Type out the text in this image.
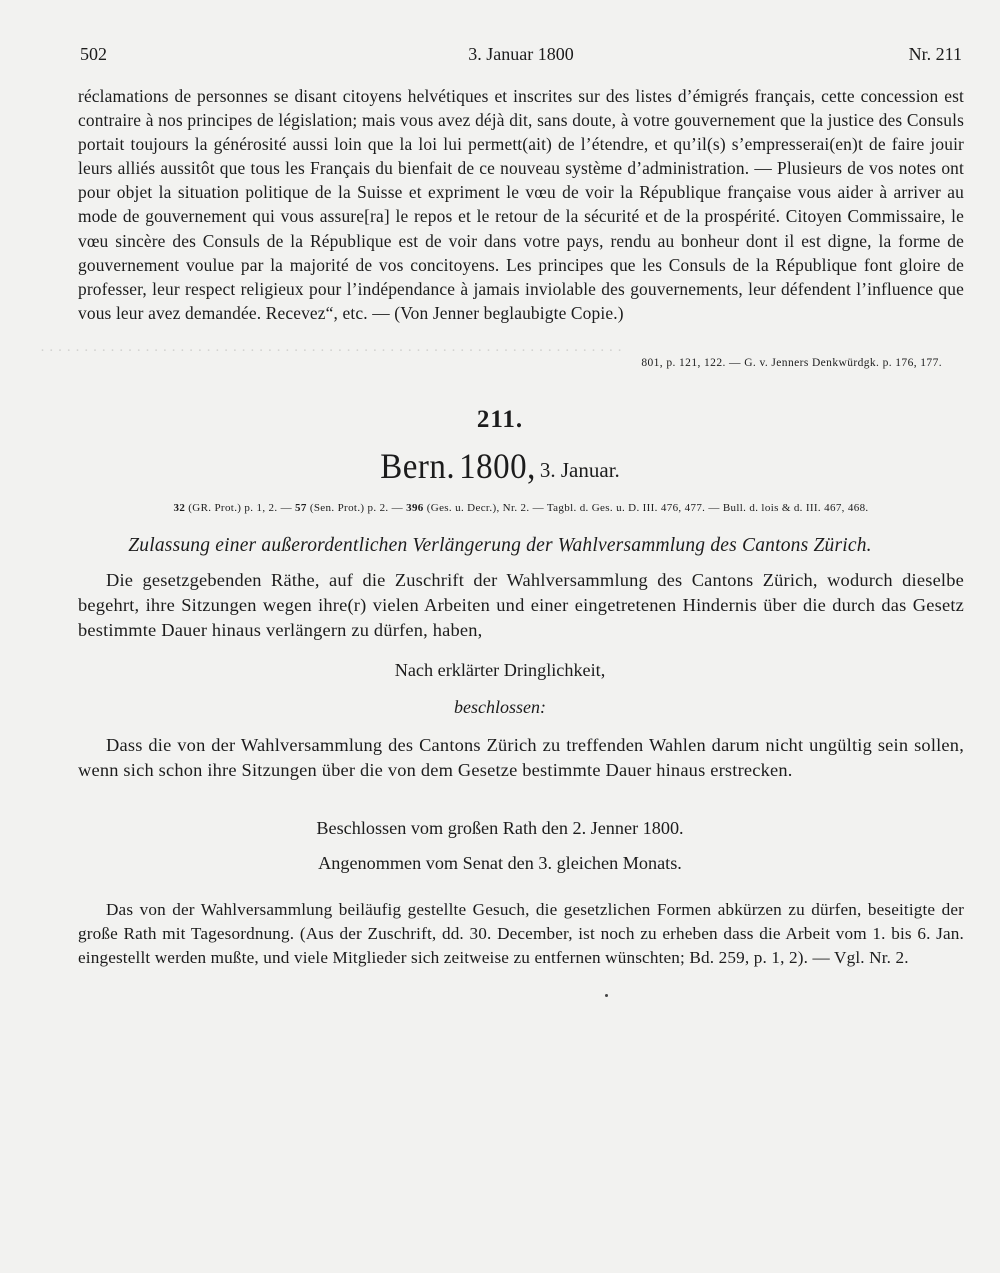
· · · · · · · · · · · · · · · · · · · · · · · · · · · · · · · · · · · · · · · · · · · · · · · · · · · · · · · · · · · · · · · · · · ·
502	3. Januar 1800	Nr. 211

réclamations de personnes se disant citoyens helvétiques et inscrites sur des listes d’émigrés français, cette concession est contraire à nos principes de législation; mais vous avez déjà dit, sans doute, à votre gouvernement que la justice des Consuls portait toujours la générosité aussi loin que la loi lui permett(ait) de l’étendre, et qu’il(s) s’empresserai(en)t de faire jouir leurs alliés aussitôt que tous les Français du bienfait de ce nouveau système d’administration. — Plusieurs de vos notes ont pour objet la situation politique de la Suisse et expriment le vœu de voir la République française vous aider à arriver au mode de gouvernement qui vous assure[ra] le repos et le retour de la sécurité et de la prospérité. Citoyen Commissaire, le vœu sincère des Consuls de la République est de voir dans votre pays, rendu au bonheur dont il est digne, la forme de gouvernement voulue par la majorité de vos concitoyens. Les principes que les Consuls de la République font gloire de professer, leur respect religieux pour l’indépendance à jamais inviolable des gouvernements, leur défendent l’influence que vous leur avez demandée. Recevez“, etc. — (Von Jenner beglaubigte Copie.)

801, p. 121, 122. — G. v. Jenners Denkwürdgk. p. 176, 177.
211.
Bern. 1800, 3. Januar.
32 (GR. Prot.) p. 1, 2. — 57 (Sen. Prot.) p. 2. — 396 (Ges. u. Decr.), Nr. 2. — Tagbl. d. Ges. u. D. III. 476, 477. — Bull. d. lois & d. III. 467, 468.
Zulassung einer außerordentlichen Verlängerung der Wahlversammlung des Cantons Zürich.

Die gesetzgebenden Räthe, auf die Zuschrift der Wahlversammlung des Cantons Zürich, wodurch dieselbe begehrt, ihre Sitzungen wegen ihre(r) vielen Arbeiten und einer eingetretenen Hindernis über die durch das Gesetz bestimmte Dauer hinaus verlängern zu dürfen, haben,

Nach erklärter Dringlichkeit,
beschlossen:

Dass die von der Wahlversammlung des Cantons Zürich zu treffenden Wahlen darum nicht ungültig sein sollen, wenn sich schon ihre Sitzungen über die von dem Gesetze bestimmte Dauer hinaus erstrecken.

Beschlossen vom großen Rath den 2. Jenner 1800.
Angenommen vom Senat den 3. gleichen Monats.

Das von der Wahlversammlung beiläufig gestellte Gesuch, die gesetzlichen Formen abkürzen zu dürfen, beseitigte der große Rath mit Tagesordnung. (Aus der Zuschrift, dd. 30. December, ist noch zu erheben dass die Arbeit vom 1. bis 6. Jan. eingestellt werden mußte, und viele Mitglieder sich zeitweise zu entfernen wünschten; Bd. 259, p. 1, 2). — Vgl. Nr. 2.
